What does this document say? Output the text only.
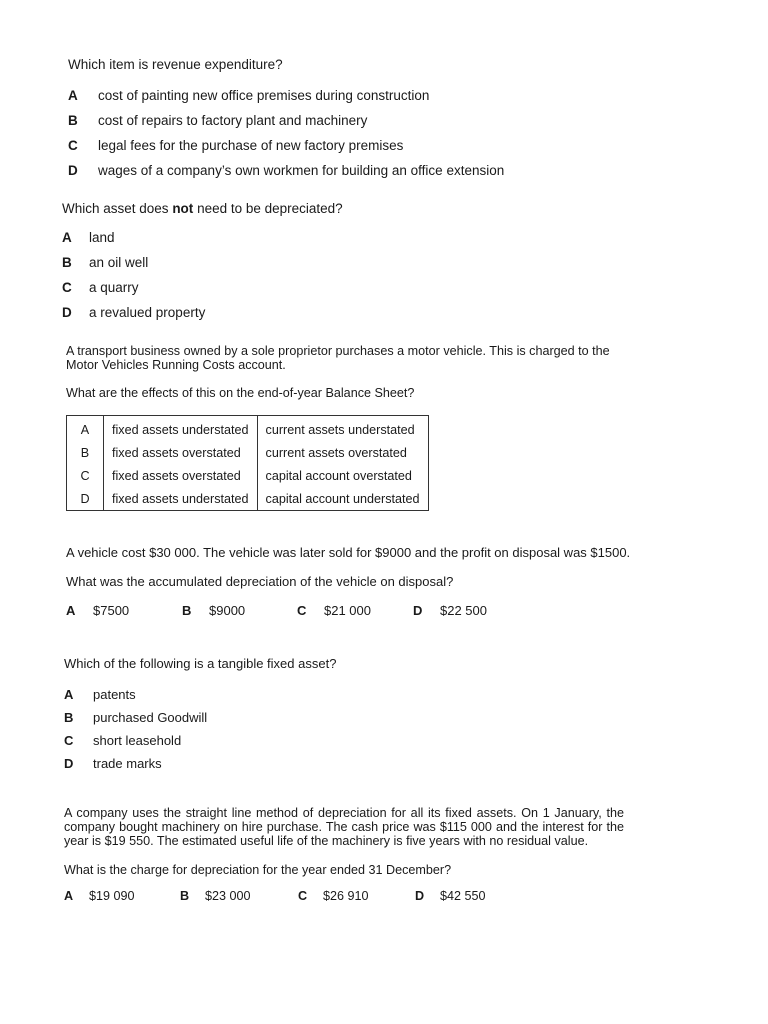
Which item is revenue expenditure?

A cost of painting new office premises during construction
B cost of repairs to factory plant and machinery
C legal fees for the purchase of new factory premises
D wages of a company’s own workmen for building an office extension

Which asset does not need to be depreciated?

A land
B an oil well
C a quarry
D a revalued property

A transport business owned by a sole proprietor purchases a motor vehicle. This is charged to the Motor Vehicles Running Costs account.

What are the effects of this on the end-of-year Balance Sheet?

A	fixed assets understated	current assets understated
B	fixed assets overstated	current assets overstated
C	fixed assets overstated	capital account overstated
D	fixed assets understated	capital account understated

A vehicle cost $30 000. The vehicle was later sold for $9000 and the profit on disposal was $1500.

What was the accumulated depreciation of the vehicle on disposal?

A $7500	B $9000	C $21 000	D $22 500

Which of the following is a tangible fixed asset?

A patents
B purchased Goodwill
C short leasehold
D trade marks

A company uses the straight line method of depreciation for all its fixed assets. On 1 January, the company bought machinery on hire purchase. The cash price was $115 000 and the interest for the year is $19 550. The estimated useful life of the machinery is five years with no residual value.

What is the charge for depreciation for the year ended 31 December?

A $19 090	B $23 000	C $26 910	D $42 550
